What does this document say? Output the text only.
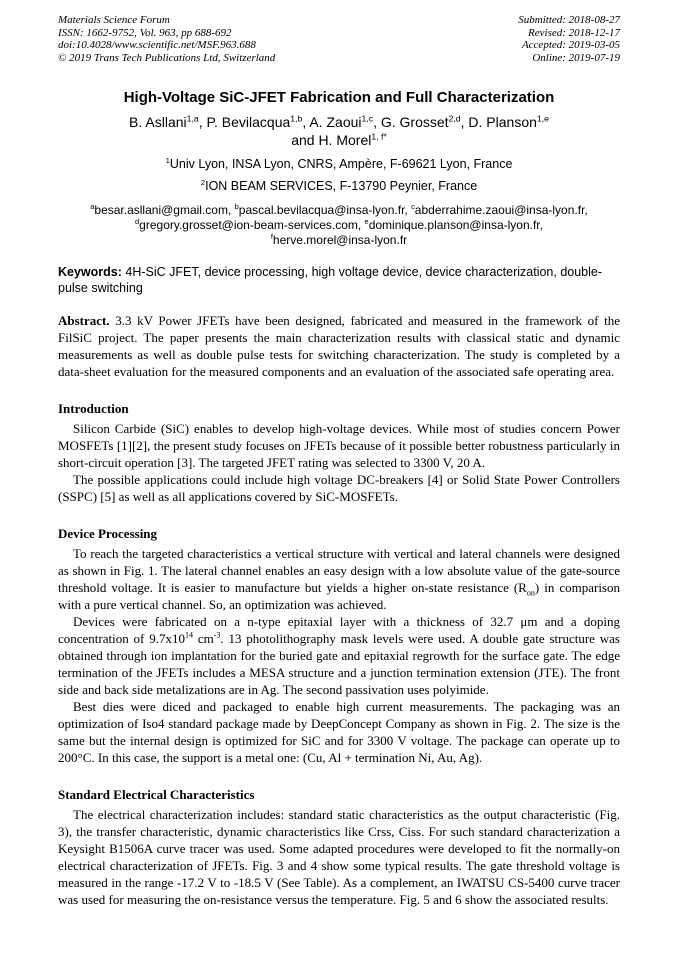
Materials Science Forum
ISSN: 1662-9752, Vol. 963, pp 688-692
doi:10.4028/www.scientific.net/MSF.963.688
© 2019 Trans Tech Publications Ltd, Switzerland
Submitted: 2018-08-27
Revised: 2018-12-17
Accepted: 2019-03-05
Online: 2019-07-19
High-Voltage SiC-JFET Fabrication and Full Characterization
B. Asllani$^{1,a}$, P. Bevilacqua$^{1,b}$, A. Zaoui$^{1,c}$, G. Grosset$^{2,d}$, D. Planson$^{1,e}$
and H. Morel$^{1, f*}$
$^1$Univ Lyon, INSA Lyon, CNRS, Ampère, F-69621 Lyon, France
$^2$ION BEAM SERVICES, F-13790 Peynier, France
$^a$besar.asllani@gmail.com, $^b$pascal.bevilacqua@insa-lyon.fr, $^c$abderrahime.zaoui@insa-lyon.fr,
$^d$gregory.grosset@ion-beam-services.com, $^e$dominique.planson@insa-lyon.fr,
$^f$herve.morel@insa-lyon.fr
Keywords: 4H-SiC JFET, device processing, high voltage device, device characterization, double-pulse switching
Abstract. 3.3 kV Power JFETs have been designed, fabricated and measured in the framework of the FilSiC project. The paper presents the main characterization results with classical static and dynamic measurements as well as double pulse tests for switching characterization. The study is completed by a data-sheet evaluation for the measured components and an evaluation of the associated safe operating area.
Introduction

Silicon Carbide (SiC) enables to develop high-voltage devices. While most of studies concern Power MOSFETs [1][2], the present study focuses on JFETs because of it possible better robustness particularly in short-circuit operation [3]. The targeted JFET rating was selected to 3300 V, 20 A.

The possible applications could include high voltage DC-breakers [4] or Solid State Power Controllers (SSPC) [5] as well as all applications covered by SiC-MOSFETs.

Device Processing

To reach the targeted characteristics a vertical structure with vertical and lateral channels were designed as shown in Fig. 1. The lateral channel enables an easy design with a low absolute value of the gate-source threshold voltage. It is easier to manufacture but yields a higher on-state resistance $(R_{on})$ in comparison with a pure vertical channel. So, an optimization was achieved.

Devices were fabricated on a n-type epitaxial layer with a thickness of 32.7 μm and a doping concentration of $9.7x10^{14}$ $cm^{-3}$. 13 photolithography mask levels were used. A double gate structure was obtained through ion implantation for the buried gate and epitaxial regrowth for the surface gate. The edge termination of the JFETs includes a MESA structure and a junction termination extension (JTE). The front side and back side metalizations are in Ag. The second passivation uses polyimide.

Best dies were diced and packaged to enable high current measurements. The packaging was an optimization of Iso4 standard package made by DeepConcept Company as shown in Fig. 2. The size is the same but the internal design is optimized for SiC and for 3300 V voltage. The package can operate up to 200°C. In this case, the support is a metal one: (Cu, Al + termination Ni, Au, Ag).

Standard Electrical Characteristics

The electrical characterization includes: standard static characteristics as the output characteristic (Fig. 3), the transfer characteristic, dynamic characteristics like Crss, Ciss. For such standard characterization a Keysight B1506A curve tracer was used. Some adapted procedures were developed to fit the normally-on electrical characterization of JFETs. Fig. 3 and 4 show some typical results. The gate threshold voltage is measured in the range -17.2 V to -18.5 V (See Table). As a complement, an IWATSU CS-5400 curve tracer was used for measuring the on-resistance versus the temperature. Fig. 5 and 6 show the associated results.
